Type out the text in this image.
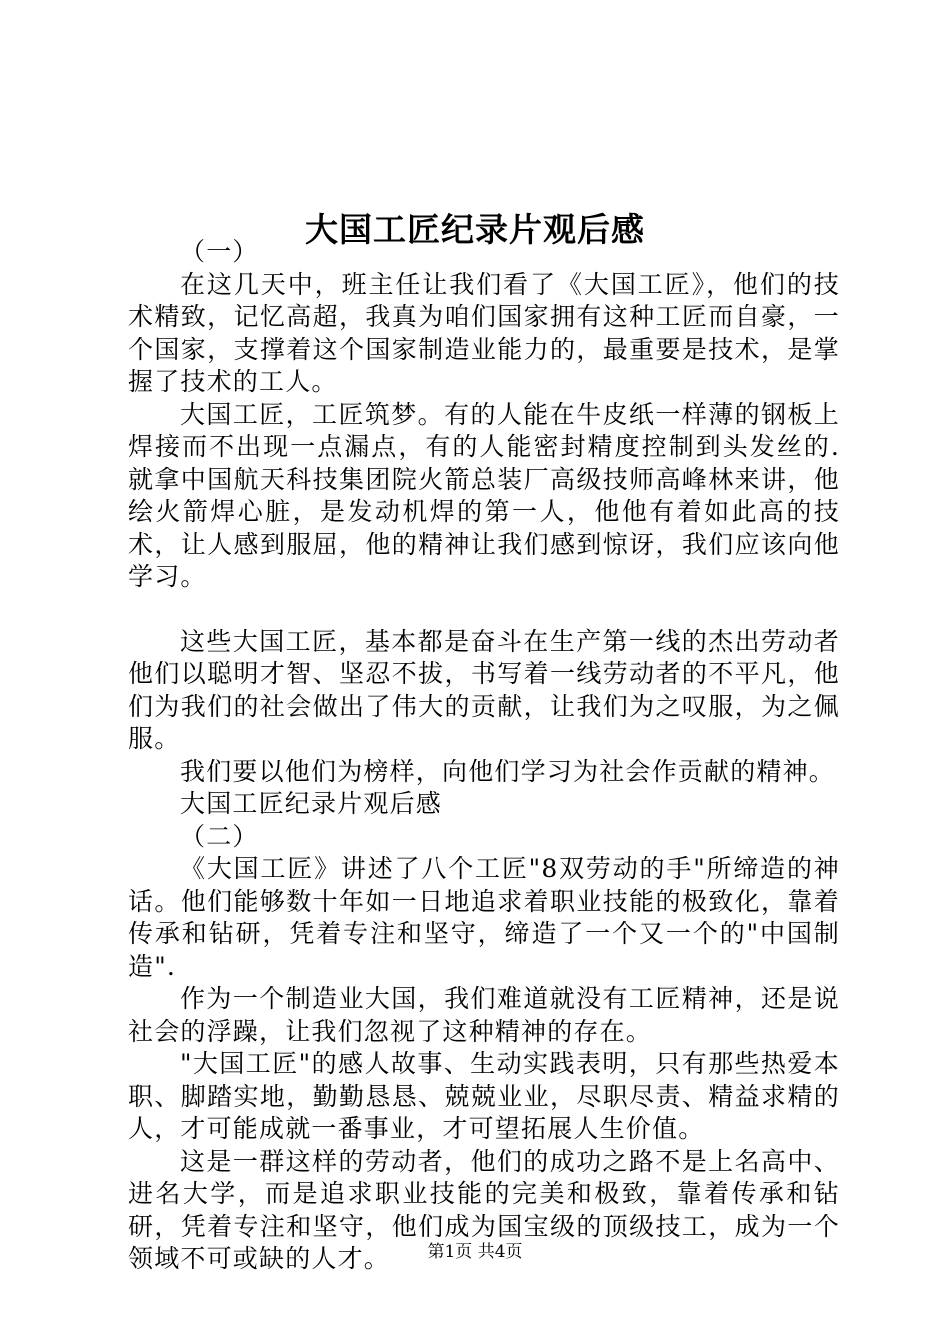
大国工匠纪录片观后感

（一）

在这几天中，班主任让我们看了《大国工匠》，他们的技术精致，记忆高超，我真为咱们国家拥有这种工匠而自豪，一个国家，支撑着这个国家制造业能力的，最重要是技术，是掌握了技术的工人。

大国工匠，工匠筑梦。有的人能在牛皮纸一样薄的钢板上焊接而不出现一点漏点，有的人能密封精度控制到头发丝的.就拿中国航天科技集团院火箭总装厂高级技师高峰林来讲，他绘火箭焊心脏，是发动机焊的第一人，他他有着如此高的技术，让人感到服屈，他的精神让我们感到惊讶，我们应该向他学习。

这些大国工匠，基本都是奋斗在生产第一线的杰出劳动者他们以聪明才智、坚忍不拔，书写着一线劳动者的不平凡，他们为我们的社会做出了伟大的贡献，让我们为之叹服，为之佩服。

我们要以他们为榜样，向他们学习为社会作贡献的精神。

大国工匠纪录片观后感

（二）

《大国工匠》讲述了八个工匠"8双劳动的手"所缔造的神话。他们能够数十年如一日地追求着职业技能的极致化，靠着传承和钻研，凭着专注和坚守，缔造了一个又一个的"中国制造".

作为一个制造业大国，我们难道就没有工匠精神，还是说社会的浮躁，让我们忽视了这种精神的存在。

"大国工匠"的感人故事、生动实践表明，只有那些热爱本职、脚踏实地，勤勤恳恳、兢兢业业，尽职尽责、精益求精的人，才可能成就一番事业，才可望拓展人生价值。

这是一群这样的劳动者，他们的成功之路不是上名高中、进名大学，而是追求职业技能的完美和极致，靠着传承和钻研，凭着专注和坚守，他们成为国宝级的顶级技工，成为一个领域不可或缺的人才。	第1页 共4页
